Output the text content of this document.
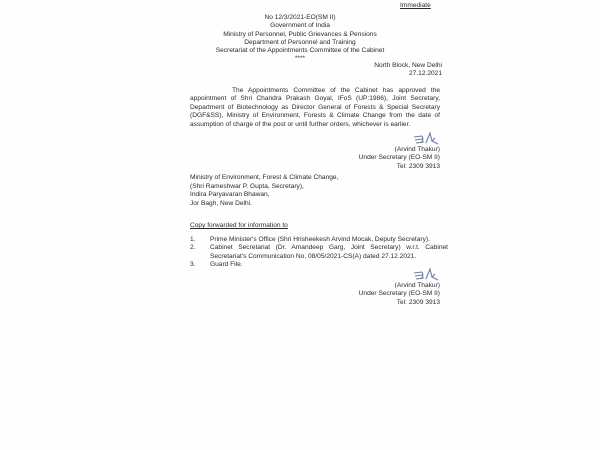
Immediate
No 12/3/2021-EO(SM II)
Government of India
Ministry of Personnel, Public Grievances & Pensions
Department of Personnel and Training
Secretariat of the Appointments Committee of the Cabinet
****
North Block, New Delhi
27.12.2021
The Appointments Committee of the Cabinet has approved the appointment of Shri Chandra Prakash Goyal, IFoS (UP:1986), Joint Secretary, Department of Biotechnology as Director General of Forests & Special Secretary (DGF&SS), Ministry of Environment, Forests & Climate Change from the date of assumption of charge of the post or until further orders, whichever is earlier.
(Arvind Thakur)
Under Secretary (EO-SM II)
Tel: 2309 3913
Ministry of Environment, Forest & Climate Change,
(Shri Rameshwar P. Gupta, Secretary),
Indira Paryavaran Bhawan,
Jor Bagh, New Delhi.
Copy forwarded for information to
1.	Prime Minister's Office (Shri Hrisheekesh Arvind Mocak, Deputy Secretary).
2.	Cabinet Secretariat (Dr. Amandeep Garg, Joint Secretary) w.r.t. Cabinet Secretariat's Communication No. 08/05/2021-CS(A) dated 27.12.2021.
3.	Guard File.
(Arvind Thakur)
Under Secretary (EO-SM II)
Tel: 2309 3913
